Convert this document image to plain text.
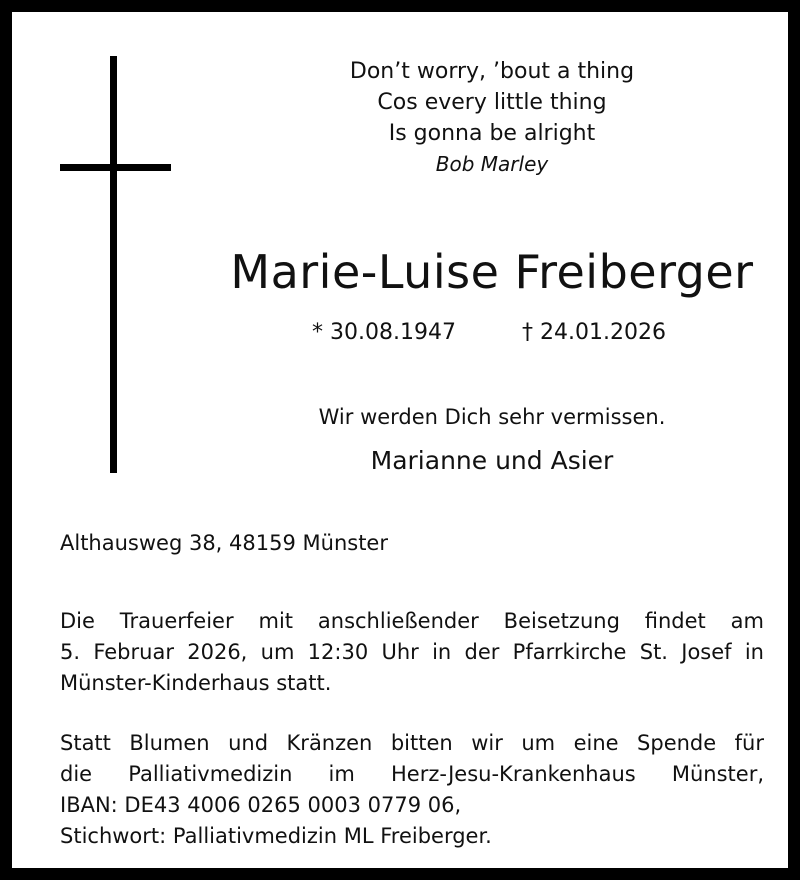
Don’t worry, ’bout a thing
Cos every little thing
Is gonna be alright
Bob Marley
Marie-Luise Freiberger
* 30.08.1947	† 24.01.2026
Wir werden Dich sehr vermissen.
Marianne und Asier
Althausweg 38, 48159 Münster
Die Trauerfeier mit anschließender Beisetzung findet am
5. Februar 2026, um 12:30 Uhr in der Pfarrkirche St. Josef in
Münster-Kinderhaus statt.
Statt Blumen und Kränzen bitten wir um eine Spende für
die Palliativmedizin im Herz-Jesu-Krankenhaus Münster,
IBAN: DE43 4006 0265 0003 0779 06,
Stichwort: Palliativmedizin ML Freiberger.
